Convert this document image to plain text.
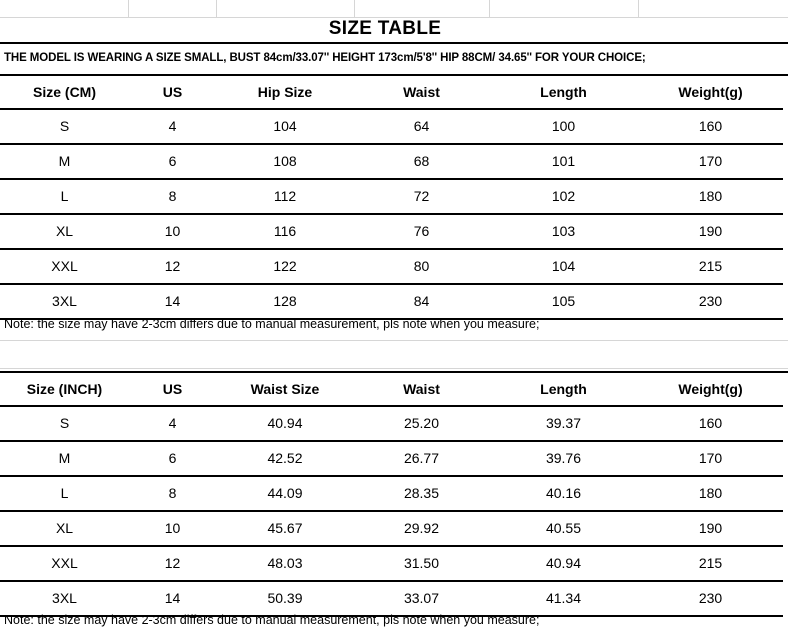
SIZE TABLE
THE MODEL IS WEARING A SIZE SMALL, BUST 84cm/33.07'' HEIGHT 173cm/5'8'' HIP 88CM/ 34.65'' FOR YOUR CHOICE;
Size (CM)	US	Hip Size	Waist	Length	Weight(g)
S	4	104	64	100	160
M	6	108	68	101	170
L	8	112	72	102	180
XL	10	116	76	103	190
XXL	12	122	80	104	215
3XL	14	128	84	105	230
Note: the size may have 2-3cm differs due to manual measurement, pls note when you measure;
Size (INCH)	US	Waist Size	Waist	Length	Weight(g)
S	4	40.94	25.20	39.37	160
M	6	42.52	26.77	39.76	170
L	8	44.09	28.35	40.16	180
XL	10	45.67	29.92	40.55	190
XXL	12	48.03	31.50	40.94	215
3XL	14	50.39	33.07	41.34	230
Note: the size may have 2-3cm differs due to manual measurement, pls note when you measure;
